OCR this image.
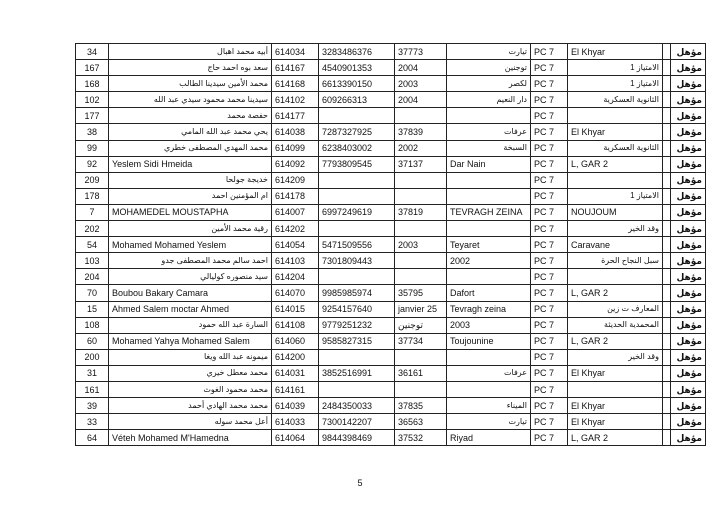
34	أبيه محمد اهبال	614034	3283486376	37773	تيارت	PC 7	El Khyar		مؤهل
167	سعد بوه احمد حاج	614167	4540901353	2004	توجنين	PC 7	الامتياز 1		مؤهل
168	محمد الأمين سيدينا الطالب	614168	6613390150	2003	لكصر	PC 7	الامتياز 1		مؤهل
102	سيدينا محمد محمود سيدي عبد الله	614102	609266313	2004	دار النعيم	PC 7	الثانوية العسكرية		مؤهل
177	حفصة محمد	614177				PC 7			مؤهل
38	يحي محمد عبد الله المامي	614038	7287327925	37839	عرفات	PC 7	El Khyar		مؤهل
99	محمد المهدي المصطفى خطري	614099	6238403002	2002	السبخة	PC 7	الثانوية العسكرية		مؤهل
92	Yeslem Sidi Hmeida	614092	7793809545	37137	Dar Nain	PC 7	L, GAR 2		مؤهل
209	خديجة جولحا	614209				PC 7			مؤهل
178	ام المؤمنين احمد	614178				PC 7	الامتياز 1		مؤهل
7	MOHAMEDEL MOUSTAPHA	614007	6997249619	37819	TEVRAGH ZEINA	PC 7	NOUJOUM		مؤهل
202	رقية محمد الأمين	614202				PC 7	وقد الخير		مؤهل
54	Mohamed Mohamed Yeslem	614054	5471509556	2003	Teyaret	PC 7	Caravane		مؤهل
103	احمد سالم محمد المصطفى جدو	614103	7301809443		2002	PC 7	سبل النجاح الحرة		مؤهل
204	سيد منصوره كوليالي	614204				PC 7			مؤهل
70	Boubou Bakary Camara	614070	9985985974	35795	Dafort	PC 7	L, GAR 2		مؤهل
15	Ahmed Salem moctar Ahmed	614015	9254157640	janvier 25	Tevragh zeina	PC 7	المعارف ت زين		مؤهل
108	السارة عبد الله حمود	614108	9779251232	توجنين	2003	PC 7	المحمدية الحديثة		مؤهل
60	Mohamed Yahya Mohamed Salem	614060	9585827315	37734	Toujounine	PC 7	L, GAR 2		مؤهل
200	ميمونه عبد الله ويغا	614200				PC 7	وقد الخير		مؤهل
31	محمد معطل خيري	614031	3852516991	36161	عرفات	PC 7	El Khyar		مؤهل
161	محمد محمود الغوث	614161				PC 7			مؤهل
39	محمد محمد الهادي أحمد	614039	2484350033	37835	الميناء	PC 7	El Khyar		مؤهل
33	أعل محمد سوله	614033	7300142207	36563	تيارت	PC 7	El Khyar		مؤهل
64	Véteh Mohamed M'Hamedna	614064	9844398469	37532	Riyad	PC 7	L, GAR 2		مؤهل
5
